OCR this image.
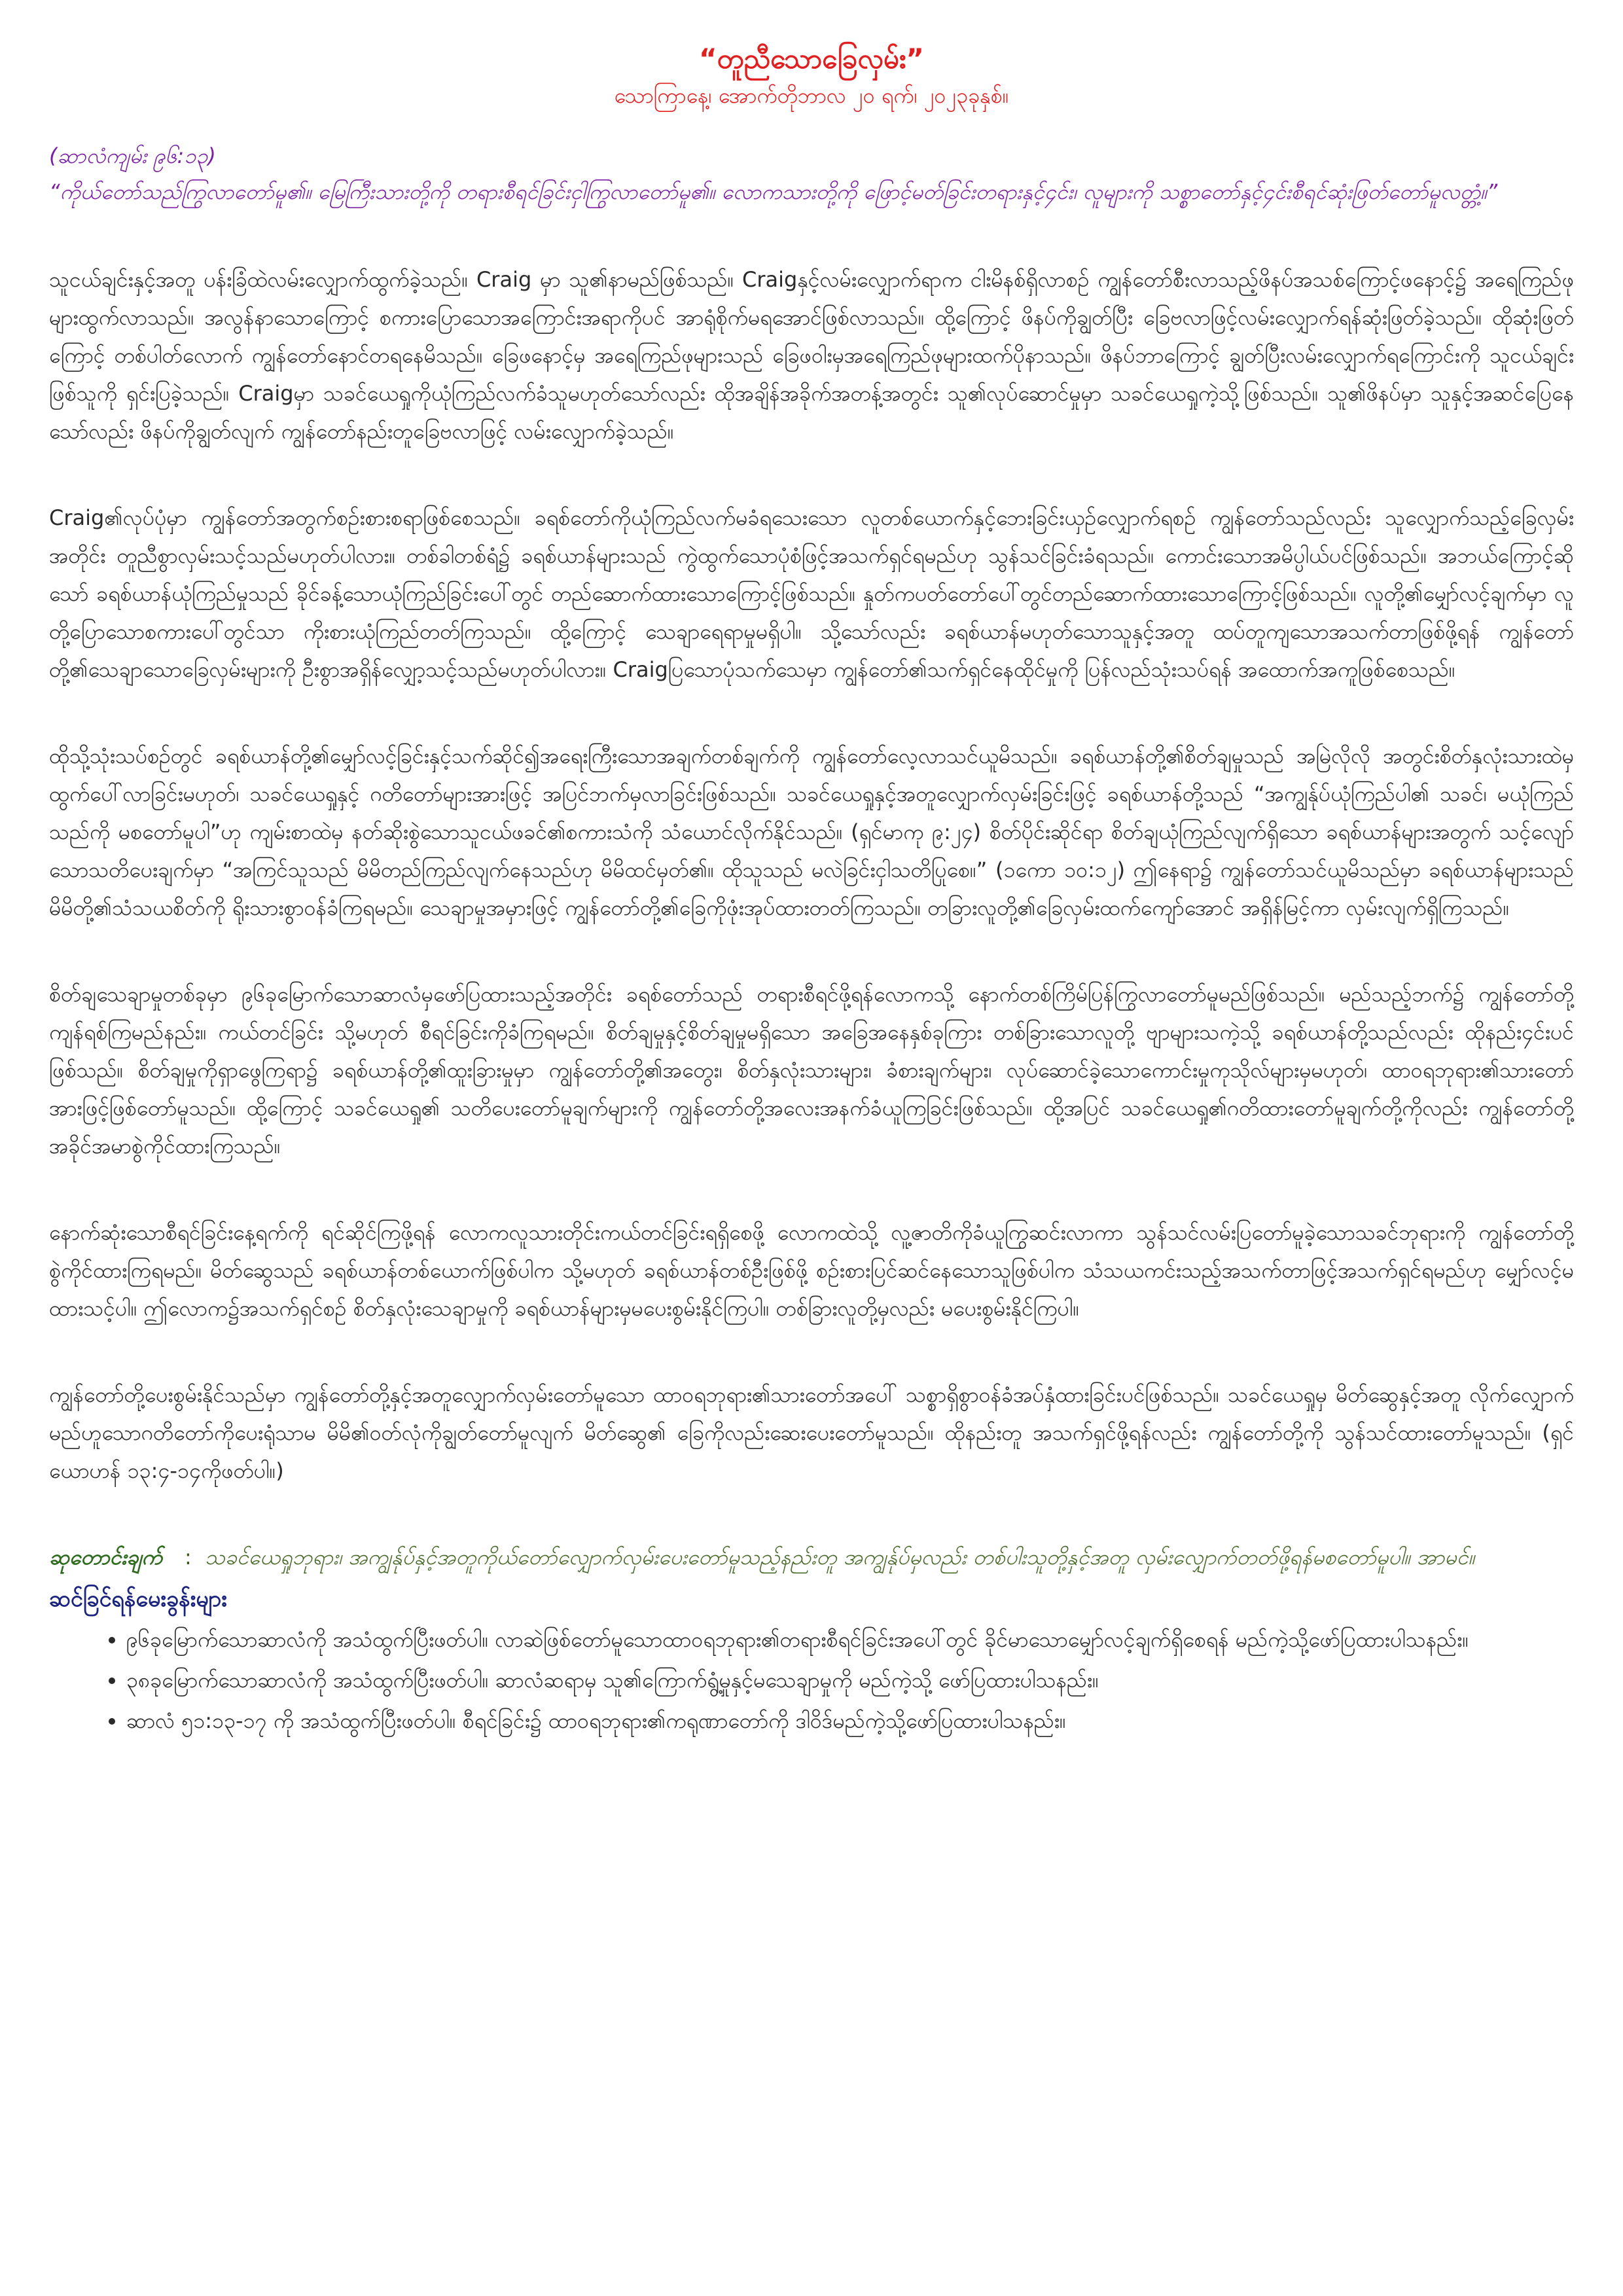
“တူညီသောခြေလှမ်း”

သောကြာနေ့၊ အောက်တိုဘာလ ၂၀ ရက်၊ ၂၀၂၃ခုနှစ်။

(ဆာလံကျမ်း ၉၆:၁၃)

“ကိုယ်တော်သည်ကြွလာတော်မူ၏။ မြေကြီးသားတို့ကို တရားစီရင်ခြင်းငှါကြွလာတော်မူ၏။ လောကသားတို့ကို ဖြောင့်မတ်ခြင်းတရားနှင့်၄င်း၊ လူများကို သစ္စာတော်နှင့်၄င်းစီရင်ဆုံးဖြတ်တော်မူလတ္တံ့။”

သူငယ်ချင်းနှင့်အတူ ပန်းခြံထဲလမ်းလျှောက်ထွက်ခဲ့သည်။ Craig မှာ သူ၏နာမည်ဖြစ်သည်။ Craigနှင့်လမ်းလျှောက်ရာက ငါးမိနစ်ရှိလာစဉ် ကျွန်တော်စီးလာသည့်ဖိနပ်အသစ်ကြောင့်ဖနောင့်၌ အရေကြည်ဖုများထွက်လာသည်။ အလွန်နာသောကြောင့် စကားပြောသောအကြောင်းအရာကိုပင် အာရုံစိုက်မရအောင်ဖြစ်လာသည်။ ထို့ကြောင့် ဖိနပ်ကိုချွတ်ပြီး ခြေဗလာဖြင့်လမ်းလျှောက်ရန်ဆုံးဖြတ်ခဲ့သည်။ ထိုဆုံးဖြတ်ကြောင့် တစ်ပါတ်လောက် ကျွန်တော်နောင်တရနေမိသည်။ ခြေဖနောင့်မှ အရေကြည်ဖုများသည် ခြေဖဝါးမှအရေကြည်ဖုများထက်ပိုနာသည်။ ဖိနပ်ဘာကြောင့် ချွတ်ပြီးလမ်းလျှောက်ရကြောင်းကို သူငယ်ချင်းဖြစ်သူကို ရှင်းပြခဲ့သည်။ Craigမှာ သခင်ယေရှုကိုယုံကြည်လက်ခံသူမဟုတ်သော်လည်း ထိုအချိန်အခိုက်အတန့်အတွင်း သူ၏လုပ်ဆောင်မှုမှာ သခင်ယေရှုကဲ့သို့ဖြစ်သည်။ သူ၏ဖိနပ်မှာ သူနှင့်အဆင်ပြေနေသော်လည်း ဖိနပ်ကိုချွတ်လျက် ကျွန်တော်နည်းတူခြေဗလာဖြင့် လမ်းလျှောက်ခဲ့သည်။

Craig၏လုပ်ပုံမှာ ကျွန်တော်အတွက်စဉ်းစားစရာဖြစ်စေသည်။ ခရစ်တော်ကိုယုံကြည်လက်မခံရသေးသော လူတစ်ယောက်နှင့်ဘေးခြင်းယှဉ်လျှောက်ရစဉ် ကျွန်တော်သည်လည်း သူလျှောက်သည့်ခြေလှမ်းအတိုင်း တူညီစွာလှမ်းသင့်သည်မဟုတ်ပါလား။ တစ်ခါတစ်ရံ၌ ခရစ်ယာန်များသည် ကွဲထွက်သောပုံစံဖြင့်အသက်ရှင်ရမည်ဟု သွန်သင်ခြင်းခံရသည်။ ကောင်းသောအမိပ္ပါယ်ပင်ဖြစ်သည်။ အဘယ်ကြောင့်ဆိုသော် ခရစ်ယာန်ယုံကြည်မှုသည် ခိုင်ခန့်သောယုံကြည်ခြင်းပေါ်တွင် တည်ဆောက်ထားသောကြောင့်ဖြစ်သည်။ နှုတ်ကပတ်တော်ပေါ်တွင်တည်ဆောက်ထားသောကြောင့်ဖြစ်သည်။ လူတို့၏မျှော်လင့်ချက်မှာ လူတို့ပြောသောစကားပေါ်တွင်သာ ကိုးစားယုံကြည်တတ်ကြသည်။ ထို့ကြောင့် သေချာရေရာမှုမရှိပါ။ သို့သော်လည်း ခရစ်ယာန်မဟုတ်သောသူနှင့်အတူ ထပ်တူကျသောအသက်တာဖြစ်ဖို့ရန် ကျွန်တော်တို့၏သေချာသောခြေလှမ်းများကို ဦးစွာအရှိန်လျှော့သင့်သည်မဟုတ်ပါလား။ Craigပြသောပုံသက်သေမှာ ကျွန်တော်၏သက်ရှင်နေထိုင်မှုကို ပြန်လည်သုံးသပ်ရန် အထောက်အကူဖြစ်စေသည်။

ထိုသို့သုံးသပ်စဉ်တွင် ခရစ်ယာန်တို့၏မျှော်လင့်ခြင်းနှင့်သက်ဆိုင်၍အရေးကြီးသောအချက်တစ်ချက်ကို ကျွန်တော်လေ့လာသင်ယူမိသည်။ ခရစ်ယာန်တို့၏စိတ်ချမှုသည် အမြဲလိုလို အတွင်းစိတ်နှလုံးသားထဲမှထွက်ပေါ်လာခြင်းမဟုတ်၊ သခင်ယေရှုနှင့် ဂတိတော်များအားဖြင့် အပြင်ဘက်မှလာခြင်းဖြစ်သည်။ သခင်ယေရှုနှင့်အတူလျှောက်လှမ်းခြင်းဖြင့် ခရစ်ယာန်တို့သည် “အကျွန်ုပ်ယုံကြည်ပါ၏ သခင်၊ မယုံကြည်သည်ကို မစတော်မူပါ”ဟု ကျမ်းစာထဲမှ နတ်ဆိုးစွဲသောသူငယ်ဖခင်၏စကားသံကို သံယောင်လိုက်နိုင်သည်။ (ရှင်မာကု ၉:၂၄) စိတ်ပိုင်းဆိုင်ရာ စိတ်ချယုံကြည်လျက်ရှိသော ခရစ်ယာန်များအတွက် သင့်လျော်သောသတိပေးချက်မှာ “အကြင်သူသည် မိမိတည်ကြည်လျက်နေသည်ဟု မိမိထင်မှတ်၏။ ထိုသူသည် မလဲခြင်းငှါသတိပြုစေ။” (၁ကော ၁၀:၁၂) ဤနေရာ၌ ကျွန်တော်သင်ယူမိသည်မှာ ခရစ်ယာန်များသည် မိမိတို့၏သံသယစိတ်ကို ရိုးသားစွာဝန်ခံကြရမည်။ သေချာမှုအမှားဖြင့် ကျွန်တော်တို့၏ခြေကိုဖုံးအုပ်ထားတတ်ကြသည်။ တခြားလူတို့၏ခြေလှမ်းထက်ကျော်အောင် အရှိန်မြင့်ကာ လှမ်းလျက်ရှိကြသည်။

စိတ်ချသေချာမှုတစ်ခုမှာ ၉၆ခုမြောက်သောဆာလံမှဖော်ပြထားသည့်အတိုင်း ခရစ်တော်သည် တရားစီရင်ဖို့ရန်လောကသို့ နောက်တစ်ကြိမ်ပြန်ကြွလာတော်မူမည်ဖြစ်သည်။ မည်သည့်ဘက်၌ ကျွန်တော်တို့ကျန်ရစ်ကြမည်နည်း။ ကယ်တင်ခြင်း သို့မဟုတ် စီရင်ခြင်းကိုခံကြရမည်။ စိတ်ချမှုနှင့်စိတ်ချမှုမရှိသော အခြေအနေနှစ်ခုကြား တစ်ခြားသောလူတို့ ဗျာများသကဲ့သို့ ခရစ်ယာန်တို့သည်လည်း ထိုနည်း၄င်းပင်ဖြစ်သည်။ စိတ်ချမှုကိုရှာဖွေကြရာ၌ ခရစ်ယာန်တို့၏ထူးခြားမှုမှာ ကျွန်တော်တို့၏အတွေး၊ စိတ်နှလုံးသားများ၊ ခံစားချက်များ၊ လုပ်ဆောင်ခဲ့သောကောင်းမှုကုသိုလ်များမှမဟုတ်၊ ထာဝရဘုရား၏သားတော်အားဖြင့်ဖြစ်တော်မူသည်။ ထို့ကြောင့် သခင်ယေရှု၏ သတိပေးတော်မူချက်များကို ကျွန်တော်တို့အလေးအနက်ခံယူကြခြင်းဖြစ်သည်။ ထို့အပြင် သခင်ယေရှု၏ဂတိထားတော်မူချက်တို့ကိုလည်း ကျွန်တော်တို့အခိုင်အမာစွဲကိုင်ထားကြသည်။

နောက်ဆုံးသောစီရင်ခြင်းနေ့ရက်ကို ရင်ဆိုင်ကြဖို့ရန် လောကလူသားတိုင်းကယ်တင်ခြင်းရရှိစေဖို့ လောကထဲသို့ လူ့ဇာတိကိုခံယူကြွဆင်းလာကာ သွန်သင်လမ်းပြတော်မူခဲ့သောသခင်ဘုရားကို ကျွန်တော်တို့စွဲကိုင်ထားကြရမည်။ မိတ်ဆွေသည် ခရစ်ယာန်တစ်ယောက်ဖြစ်ပါက သို့မဟုတ် ခရစ်ယာန်တစ်ဦးဖြစ်ဖို့ စဉ်းစားပြင်ဆင်နေသောသူဖြစ်ပါက သံသယကင်းသည့်အသက်တာဖြင့်အသက်ရှင်ရမည်ဟု မျှော်လင့်မထားသင့်ပါ။ ဤလောက၌အသက်ရှင်စဉ် စိတ်နှလုံးသေချာမှုကို ခရစ်ယာန်များမှမပေးစွမ်းနိုင်ကြပါ။ တစ်ခြားလူတို့မှလည်း မပေးစွမ်းနိုင်ကြပါ။

ကျွန်တော်တို့ပေးစွမ်းနိုင်သည်မှာ ကျွန်တော်တို့နှင့်အတူလျှောက်လှမ်းတော်မူသော ထာဝရဘုရား၏သားတော်အပေါ် သစ္စာရှိစွာဝန်ခံအပ်နှံထားခြင်းပင်ဖြစ်သည်။ သခင်ယေရှုမှ မိတ်ဆွေနှင့်အတူ လိုက်လျှောက်မည်ဟူသောဂတိတော်ကိုပေးရုံသာမ မိမိ၏ဝတ်လုံကိုချွတ်တော်မူလျက် မိတ်ဆွေ၏ ခြေကိုလည်းဆေးပေးတော်မူသည်။ ထိုနည်းတူ အသက်ရှင်ဖို့ရန်လည်း ကျွန်တော်တို့ကို သွန်သင်ထားတော်မူသည်။ (ရှင်ယောဟန် ၁၃:၄-၁၄ကိုဖတ်ပါ။)

ဆုတောင်းချက် : သခင်ယေရှုဘုရား၊ အကျွန်ုပ်နှင့်အတူကိုယ်တော်လျှောက်လှမ်းပေးတော်မူသည့်နည်းတူ အကျွန်ုပ်မှလည်း တစ်ပါးသူတို့နှင့်အတူ လှမ်းလျှောက်တတ်ဖို့ရန်မစတော်မူပါ။ အာမင်။

ဆင်ခြင်ရန်မေးခွန်းများ

• ၉၆ခုမြောက်သောဆာလံကို အသံထွက်ပြီးဖတ်ပါ။ လာဆဲဖြစ်တော်မူသောထာဝရဘုရား၏တရားစီရင်ခြင်းအပေါ်တွင် ခိုင်မာသောမျှော်လင့်ချက်ရှိစေရန် မည်ကဲ့သို့ဖော်ပြထားပါသနည်း။
• ၃၈ခုမြောက်သောဆာလံကို အသံထွက်ပြီးဖတ်ပါ။ ဆာလံဆရာမှ သူ၏ကြောက်ရွံ့မှုနှင့်မသေချာမှုကို မည်ကဲ့သို့ ဖော်ပြထားပါသနည်း။
• ဆာလံ ၅၁:၁၃-၁၇ ကို အသံထွက်ပြီးဖတ်ပါ။ စီရင်ခြင်း၌ ထာဝရဘုရား၏ကရုဏာတော်ကို ဒါဝိဒ်မည်ကဲ့သို့ဖော်ပြထားပါသနည်း။
